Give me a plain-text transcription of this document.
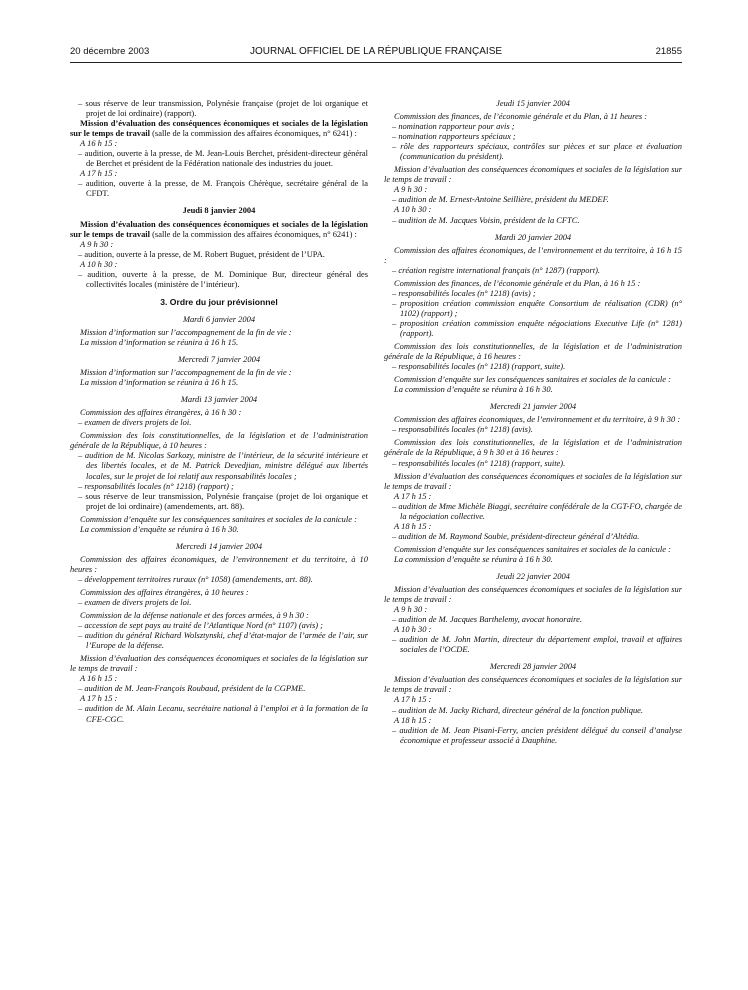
20 décembre 2003	JOURNAL OFFICIEL DE LA RÉPUBLIQUE FRANÇAISE	21855

– sous réserve de leur transmission, Polynésie française (projet de loi organique et projet de loi ordinaire) (rapport).

Mission d’évaluation des conséquences économiques et sociales de la législation sur le temps de travail (salle de la commission des affaires économiques, n° 6241) :

A 16 h 15 :

– audition, ouverte à la presse, de M. Jean-Louis Berchet, président-directeur général de Berchet et président de la Fédération nationale des industries du jouet.

A 17 h 15 :

– audition, ouverte à la presse, de M. François Chérèque, secrétaire général de la CFDT.

Jeudi 8 janvier 2004

Mission d’évaluation des conséquences économiques et sociales de la législation sur le temps de travail (salle de la commission des affaires économiques, n° 6241) :

A 9 h 30 :

– audition, ouverte à la presse, de M. Robert Buguet, président de l’UPA.

A 10 h 30 :

– audition, ouverte à la presse, de M. Dominique Bur, directeur général des collectivités locales (ministère de l’intérieur).

3. Ordre du jour prévisionnel
Mardi 6 janvier 2004

Mission d’information sur l’accompagnement de la fin de vie :

La mission d’information se réunira à 16 h 15.

Mercredi 7 janvier 2004

Mission d’information sur l’accompagnement de la fin de vie :

La mission d’information se réunira à 16 h 15.

Mardi 13 janvier 2004

Commission des affaires étrangères, à 16 h 30 :

– examen de divers projets de loi.

Commission des lois constitutionnelles, de la législation et de l’administration générale de la République, à 10 heures :

– audition de M. Nicolas Sarkozy, ministre de l’intérieur, de la sécurité intérieure et des libertés locales, et de M. Patrick Devedjian, ministre délégué aux libertés locales, sur le projet de loi relatif aux responsabilités locales ;

– responsabilités locales (n° 1218) (rapport) ;

– sous réserve de leur transmission, Polynésie française (projet de loi organique et projet de loi ordinaire) (amendements, art. 88).

Commission d’enquête sur les conséquences sanitaires et sociales de la canicule :

La commission d’enquête se réunira à 16 h 30.

Mercredi 14 janvier 2004

Commission des affaires économiques, de l’environnement et du territoire, à 10 heures :

– développement territoires ruraux (n° 1058) (amendements, art. 88).

Commission des affaires étrangères, à 10 heures :

– examen de divers projets de loi.

Commission de la défense nationale et des forces armées, à 9 h 30 :

– accession de sept pays au traité de l’Atlantique Nord (n° 1107) (avis) ;

– audition du général Richard Wolsztynski, chef d’état-major de l’armée de l’air, sur l’Europe de la défense.

Mission d’évaluation des conséquences économiques et sociales de la législation sur le temps de travail :

A 16 h 15 :

– audition de M. Jean-François Roubaud, président de la CGPME.

A 17 h 15 :

– audition de M. Alain Lecanu, secrétaire national à l’emploi et à la formation de la CFE-CGC.

Jeudi 15 janvier 2004

Commission des finances, de l’économie générale et du Plan, à 11 heures :

– nomination rapporteur pour avis ;

– nomination rapporteurs spéciaux ;

– rôle des rapporteurs spéciaux, contrôles sur pièces et sur place et évaluation (communication du président).

Mission d’évaluation des conséquences économiques et sociales de la législation sur le temps de travail :

A 9 h 30 :

– audition de M. Ernest-Antoine Seillière, président du MEDEF.

A 10 h 30 :

– audition de M. Jacques Voisin, président de la CFTC.

Mardi 20 janvier 2004

Commission des affaires économiques, de l’environnement et du territoire, à 16 h 15 :

– création registre international français (n° 1287) (rapport).

Commission des finances, de l’économie générale et du Plan, à 16 h 15 :

– responsabilités locales (n° 1218) (avis) ;

– proposition création commission enquête Consortium de réalisation (CDR) (n° 1102) (rapport) ;

– proposition création commission enquête négociations Executive Life (n° 1281) (rapport).

Commission des lois constitutionnelles, de la législation et de l’administration générale de la République, à 16 heures :

– responsabilités locales (n° 1218) (rapport, suite).

Commission d’enquête sur les conséquences sanitaires et sociales de la canicule :

La commission d’enquête se réunira à 16 h 30.

Mercredi 21 janvier 2004

Commission des affaires économiques, de l’environnement et du territoire, à 9 h 30 :

– responsabilités locales (n° 1218) (avis).

Commission des lois constitutionnelles, de la législation et de l’administration générale de la République, à 9 h 30 et à 16 heures :

– responsabilités locales (n° 1218) (rapport, suite).

Mission d’évaluation des conséquences économiques et sociales de la législation sur le temps de travail :

A 17 h 15 :

– audition de Mme Michèle Biaggi, secrétaire confédérale de la CGT-FO, chargée de la négociation collective.

A 18 h 15 :

– audition de M. Raymond Soubie, président-directeur général d’Altédia.

Commission d’enquête sur les conséquences sanitaires et sociales de la canicule :

La commission d’enquête se réunira à 16 h 30.

Jeudi 22 janvier 2004

Mission d’évaluation des conséquences économiques et sociales de la législation sur le temps de travail :

A 9 h 30 :

– audition de M. Jacques Barthelemy, avocat honoraire.

A 10 h 30 :

– audition de M. John Martin, directeur du département emploi, travail et affaires sociales de l’OCDE.

Mercredi 28 janvier 2004

Mission d’évaluation des conséquences économiques et sociales de la législation sur le temps de travail :

A 17 h 15 :

– audition de M. Jacky Richard, directeur général de la fonction publique.

A 18 h 15 :

– audition de M. Jean Pisani-Ferry, ancien président délégué du conseil d’analyse économique et professeur associé à Dauphine.
